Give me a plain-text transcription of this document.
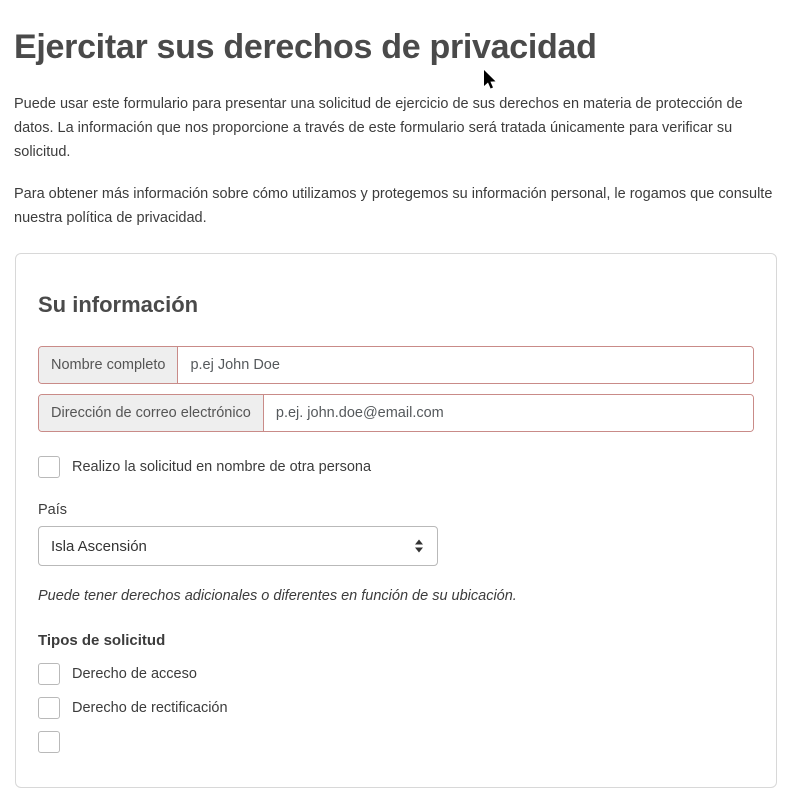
Ejercitar sus derechos de privacidad

Puede usar este formulario para presentar una solicitud de ejercicio de sus derechos en materia de protección de datos. La información que nos proporcione a través de este formulario será tratada únicamente para verificar su solicitud.

Para obtener más información sobre cómo utilizamos y protegemos su información personal, le rogamos que consulte nuestra política de privacidad.

Su información
Nombre completo
p.ej John Doe
Dirección de correo electrónico
p.ej. john.doe@email.com
Realizo la solicitud en nombre de otra persona
País
Isla Ascensión

Puede tener derechos adicionales o diferentes en función de su ubicación.

Tipos de solicitud
Derecho de acceso
Derecho de rectificación
